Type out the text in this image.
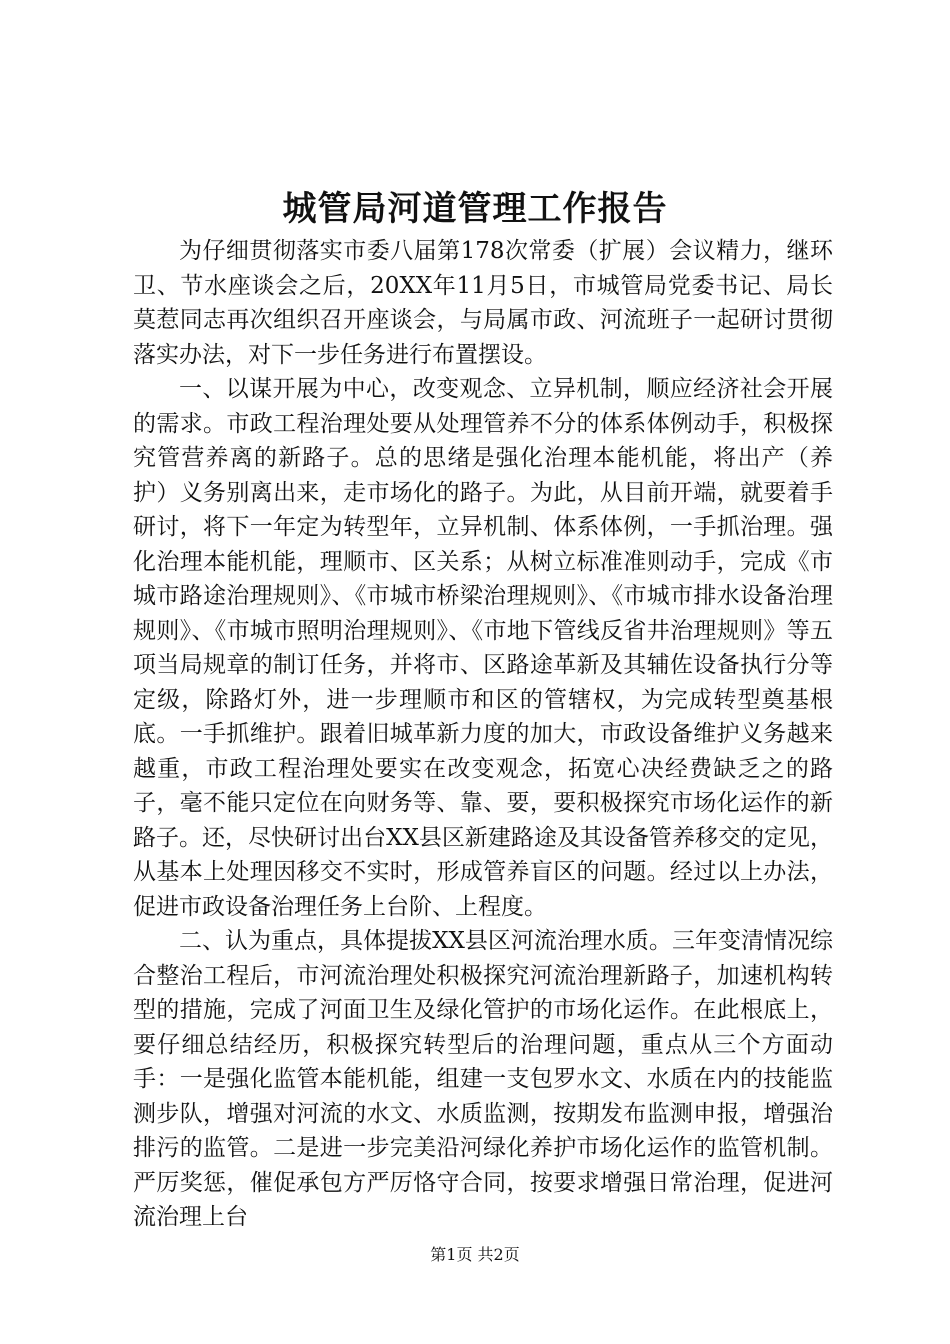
城管局河道管理工作报告

为仔细贯彻落实市委八届第178次常委（扩展）会议精力，继环卫、节水座谈会之后，20XX年11月5日，市城管局党委书记、局长莫惹同志再次组织召开座谈会，与局属市政、河流班子一起研讨贯彻落实办法，对下一步任务进行布置摆设。

一、以谋开展为中心，改变观念、立异机制，顺应经济社会开展的需求。市政工程治理处要从处理管养不分的体系体例动手，积极探究管营养离的新路子。总的思绪是强化治理本能机能，将出产（养护）义务别离出来，走市场化的路子。为此，从目前开端，就要着手研讨，将下一年定为转型年，立异机制、体系体例，一手抓治理。强化治理本能机能，理顺市、区关系；从树立标准准则动手，完成《市城市路途治理规则》、《市城市桥梁治理规则》、《市城市排水设备治理规则》、《市城市照明治理规则》、《市地下管线反省井治理规则》等五项当局规章的制订任务，并将市、区路途革新及其辅佐设备执行分等定级，除路灯外，进一步理顺市和区的管辖权，为完成转型奠基根底。一手抓维护。跟着旧城革新力度的加大，市政设备维护义务越来越重，市政工程治理处要实在改变观念，拓宽心决经费缺乏之的路子，毫不能只定位在向财务等、靠、要，要积极探究市场化运作的新路子。还，尽快研讨出台XX县区新建路途及其设备管养移交的定见，从基本上处理因移交不实时，形成管养盲区的问题。经过以上办法，促进市政设备治理任务上台阶、上程度。

二、认为重点，具体提拔XX县区河流治理水质。三年变清情况综合整治工程后，市河流治理处积极探究河流治理新路子，加速机构转型的措施，完成了河面卫生及绿化管护的市场化运作。在此根底上，要仔细总结经历，积极探究转型后的治理问题，重点从三个方面动手：一是强化监管本能机能，组建一支包罗水文、水质在内的技能监测步队，增强对河流的水文、水质监测，按期发布监测申报，增强治排污的监管。二是进一步完美沿河绿化养护市场化运作的监管机制。严厉奖惩，催促承包方严厉恪守合同，按要求增强日常治理，促进河流治理上台

第1页 共2页
